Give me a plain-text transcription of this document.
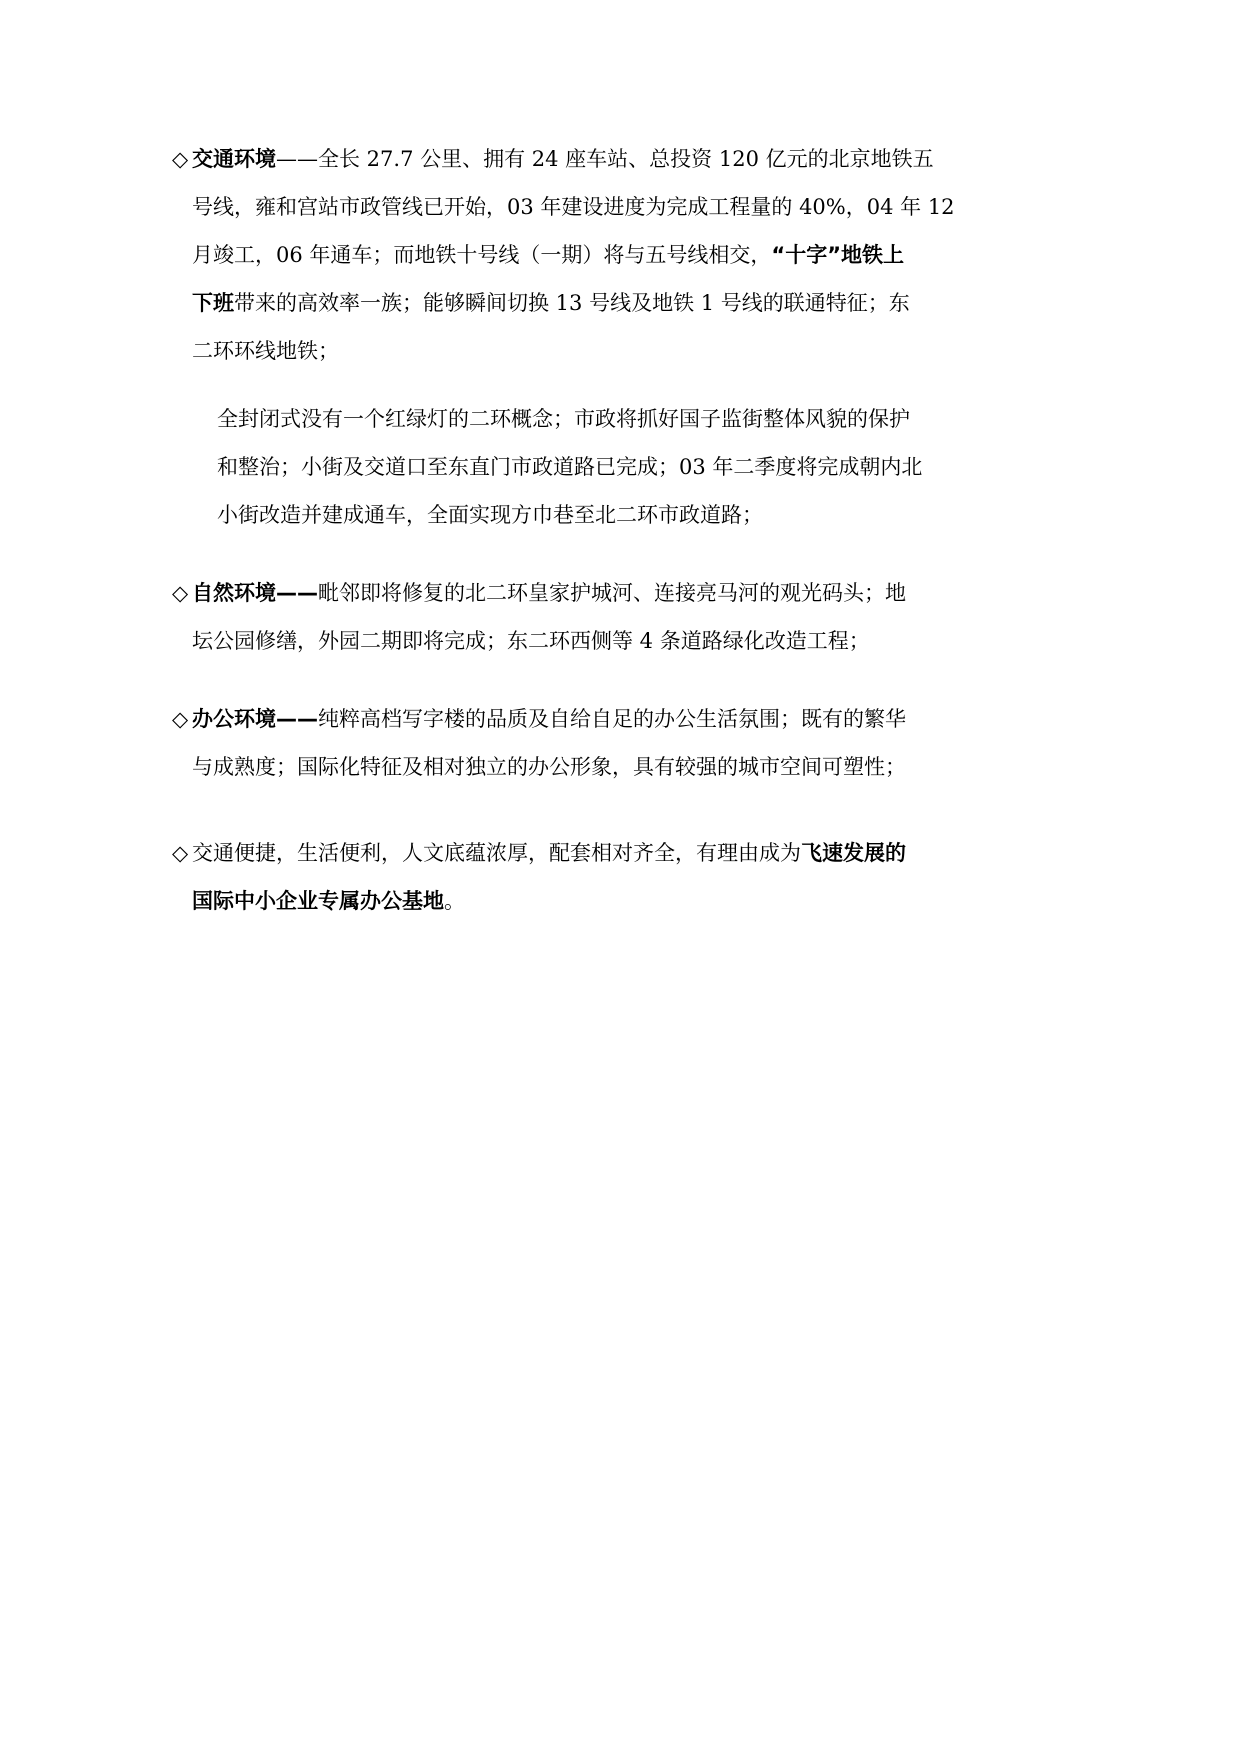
◇ 交通环境——全长 27.7 公里、拥有 24 座车站、总投资 120 亿元的北京地铁五
号线，雍和宫站市政管线已开始，03 年建设进度为完成工程量的 40%，04 年 12
月竣工，06 年通车；而地铁十号线（一期）将与五号线相交，“十字”地铁上
下班带来的高效率一族；能够瞬间切换 13 号线及地铁 1 号线的联通特征；东
二环环线地铁；
全封闭式没有一个红绿灯的二环概念；市政将抓好国子监街整体风貌的保护
和整治；小街及交道口至东直门市政道路已完成；03 年二季度将完成朝内北
小街改造并建成通车，全面实现方巾巷至北二环市政道路；
◇ 自然环境——毗邻即将修复的北二环皇家护城河、连接亮马河的观光码头；地
坛公园修缮，外园二期即将完成；东二环西侧等 4 条道路绿化改造工程；
◇ 办公环境——纯粹高档写字楼的品质及自给自足的办公生活氛围；既有的繁华
与成熟度；国际化特征及相对独立的办公形象，具有较强的城市空间可塑性；
◇ 交通便捷，生活便利，人文底蕴浓厚，配套相对齐全，有理由成为飞速发展的
国际中小企业专属办公基地。
